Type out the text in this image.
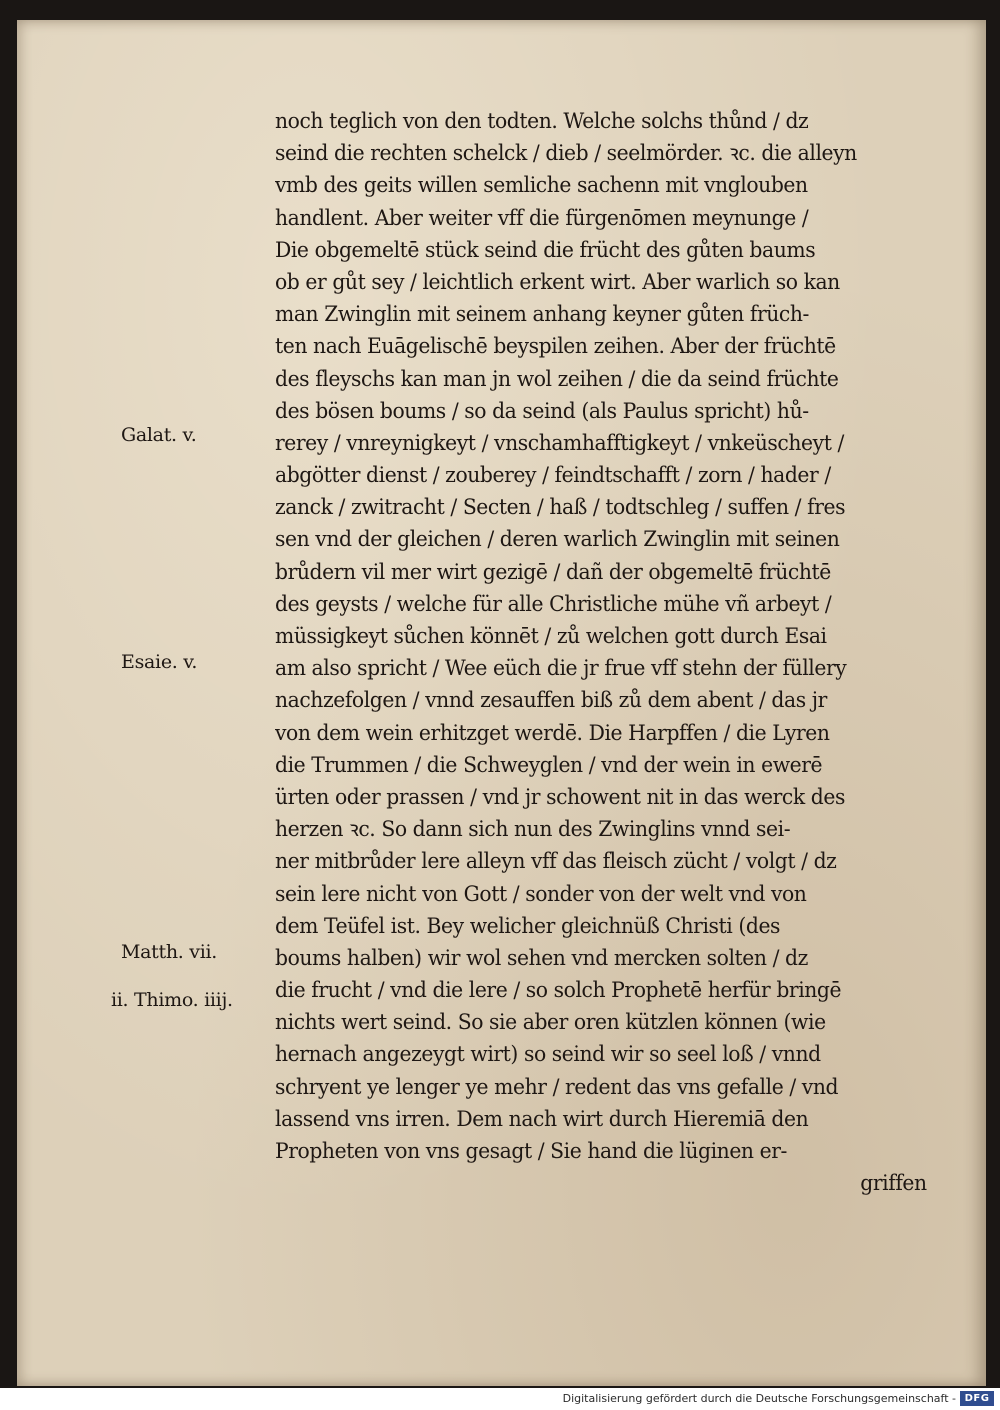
noch teglich von den todten. Welche solchs thůnd / dz
seind die rechten schelck / dieb / seelmörder. ꝛc. die alleyn
vmb des geits willen semliche sachenn mit vnglouben
handlent. Aber weiter vff die fürgenōmen meynunge /
Die obgemeltē stück seind die frücht des gůten baums
ob er gůt sey / leichtlich erkent wirt. Aber warlich so kan
man Zwinglin mit seinem anhang keyner gůten früch-
ten nach Euāgelischē beyspilen zeihen. Aber der früchtē
des fleyschs kan man jn wol zeihen / die da seind früchte
des bösen boums / so da seind (als Paulus spricht) hů-
rerey / vnreynigkeyt / vnschamhafftigkeyt / vnkeüscheyt /
abgötter dienst / zouberey / feindtschafft / zorn / hader /
zanck / zwitracht / Secten / haß / todtschleg / suffen / fres
sen vnd der gleichen / deren warlich Zwinglin mit seinen
brůdern vil mer wirt gezigē / dañ der obgemeltē früchtē
des geysts / welche für alle Christliche mühe vñ arbeyt /
müssigkeyt sůchen könnēt / zů welchen gott durch Esai
am also spricht / Wee eüch die jr frue vff stehn der füllery
nachzefolgen / vnnd zesauffen biß zů dem abent / das jr
von dem wein erhitzget werdē. Die Harpffen / die Lyren
die Trummen / die Schweyglen / vnd der wein in ewerē
ürten oder prassen / vnd jr schowent nit in das werck des
herzen ꝛc. So dann sich nun des Zwinglins vnnd sei-
ner mitbrůder lere alleyn vff das fleisch zücht / volgt / dz
sein lere nicht von Gott / sonder von der welt vnd von
dem Teüfel ist. Bey welicher gleichnüß Christi (des
boums halben) wir wol sehen vnd mercken solten / dz
die frucht / vnd die lere / so solch Prophetē herfür bringē
nichts wert seind. So sie aber oren kützlen können (wie
hernach angezeygt wirt) so seind wir so seel loß / vnnd
schryent ye lenger ye mehr / redent das vns gefalle / vnd
lassend vns irren. Dem nach wirt durch Hieremiā den
Propheten von vns gesagt / Sie hand die lüginen er-
griffen
Galat. v.
Esaie. v.
Matth. vii.
ii. Thimo. iiij.
Digitalisierung gefördert durch die Deutsche Forschungsgemeinschaft - DFG
